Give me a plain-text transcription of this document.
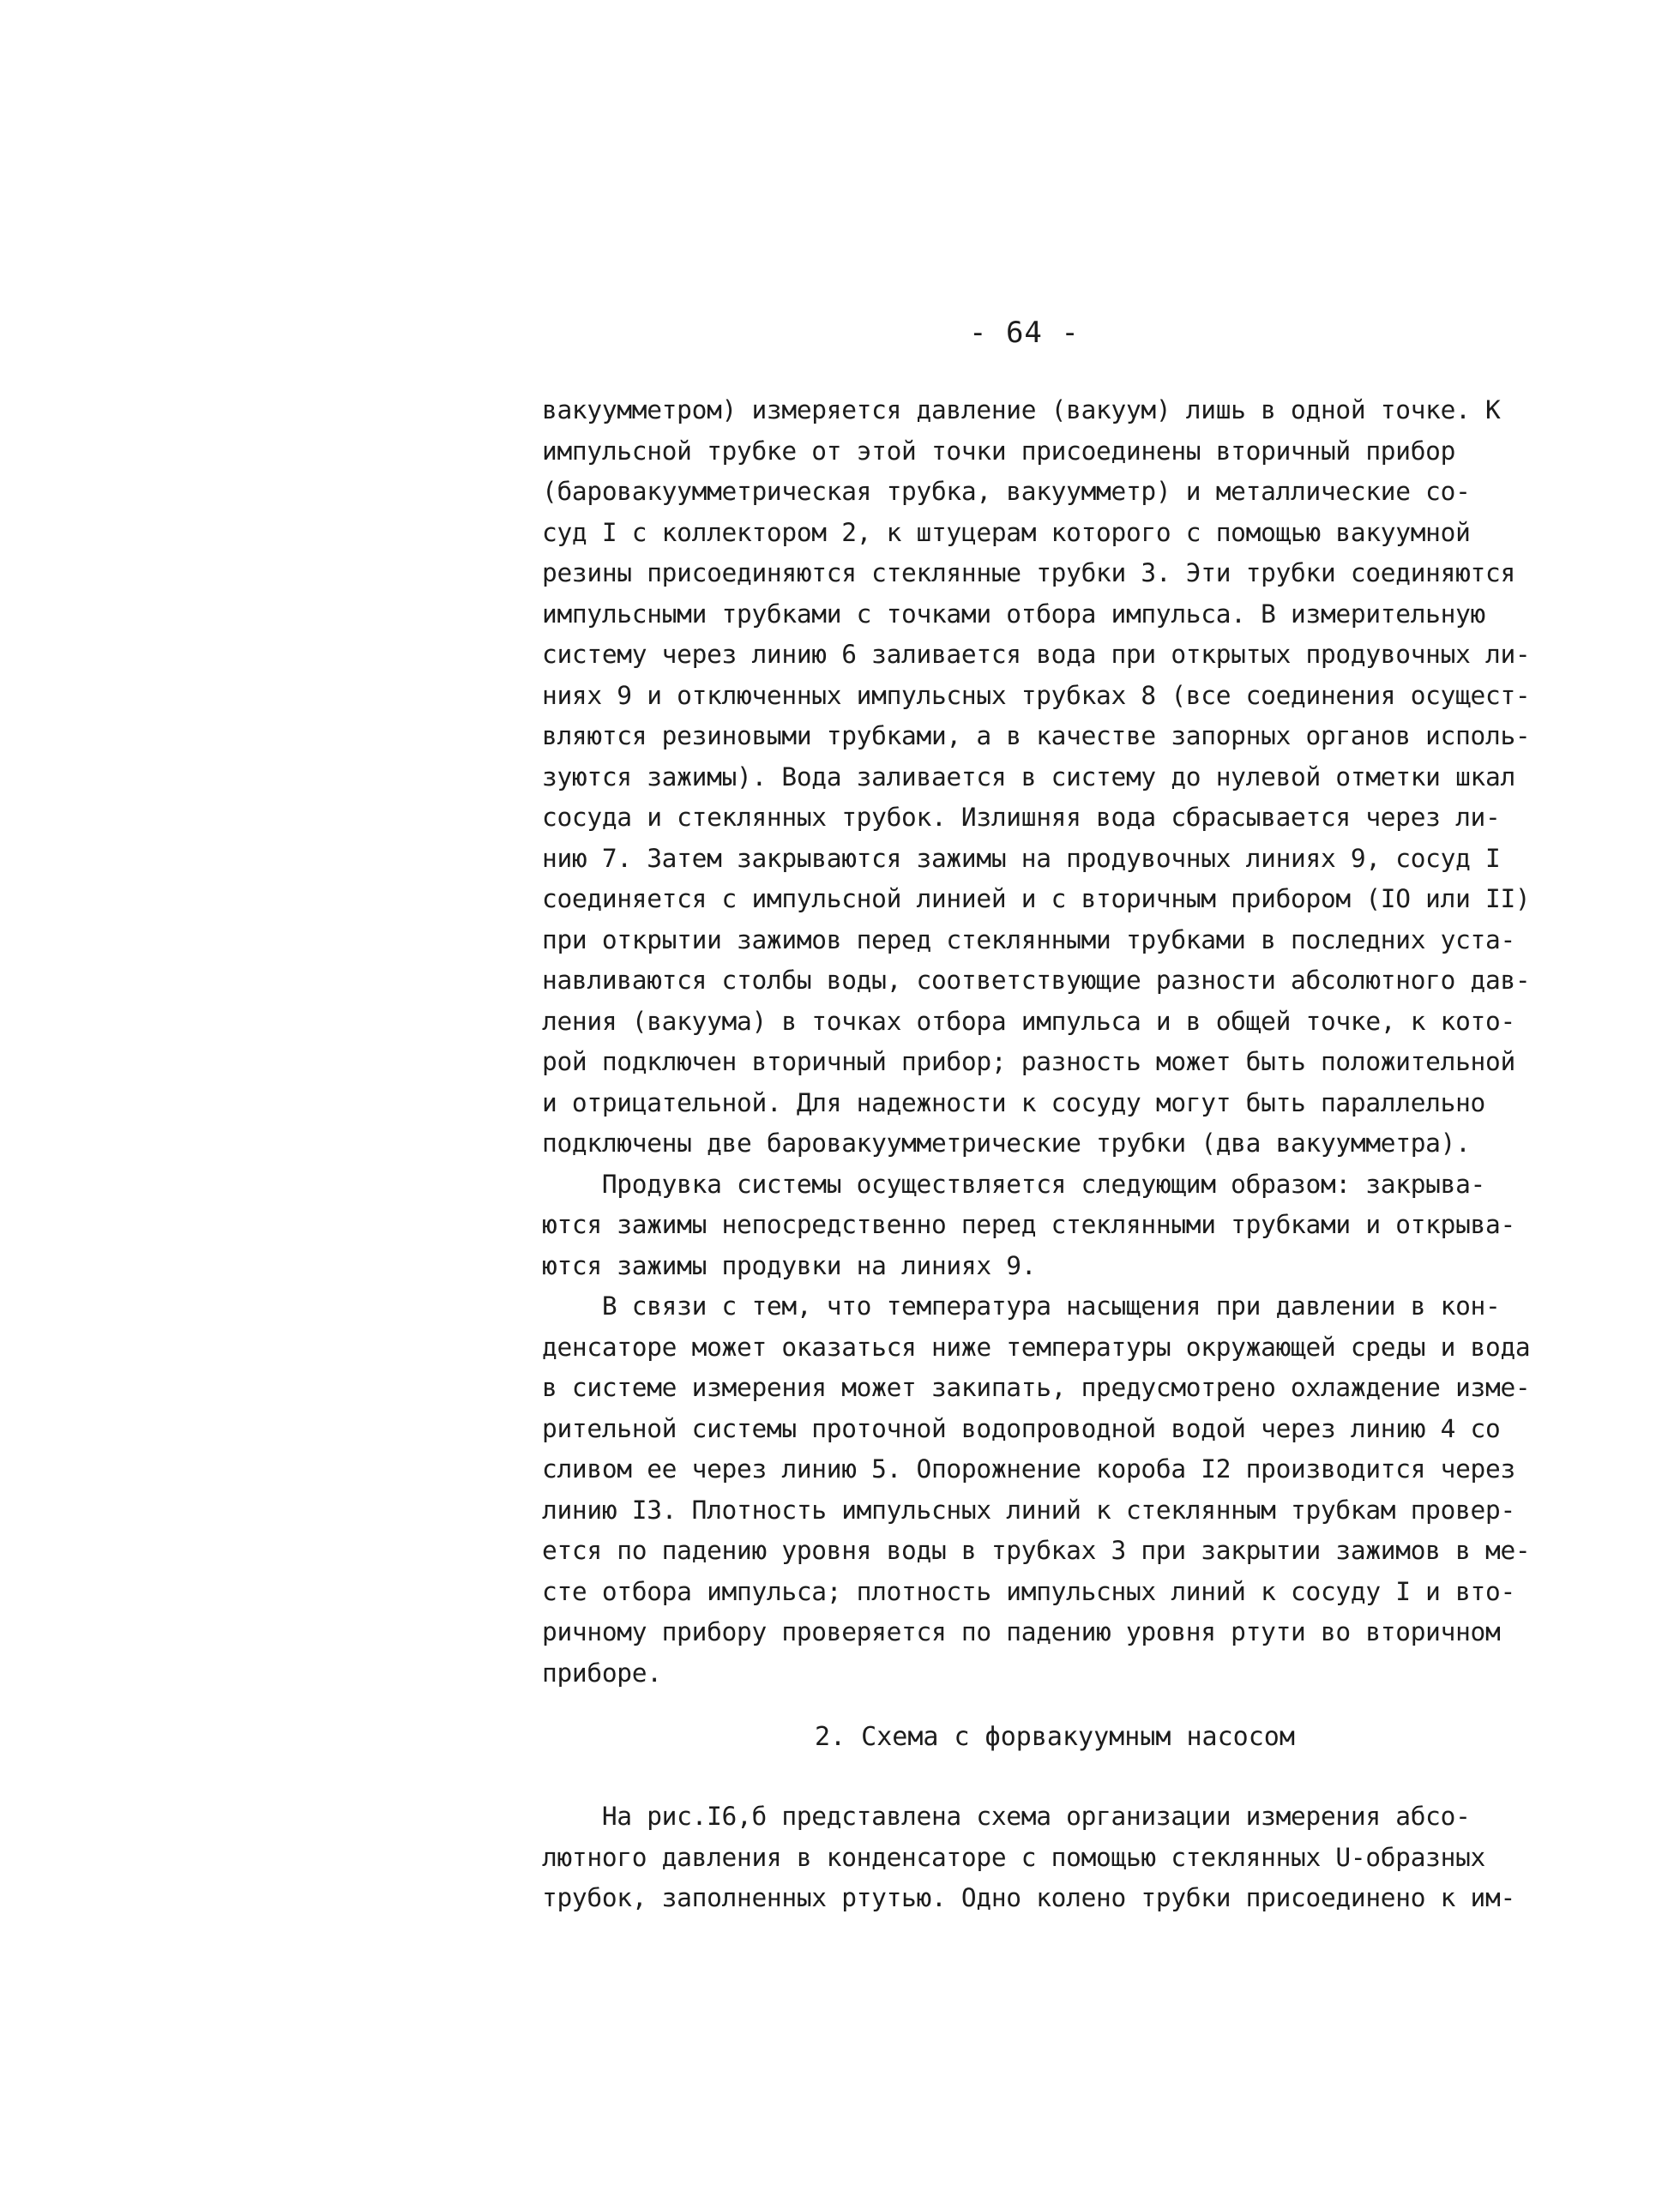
- 64 -
вакуумметром) измеряется давление (вакуум) лишь в одной точке. К
импульсной трубке от этой точки присоединены вторичный прибор
(баровакуумметрическая трубка, вакуумметр) и металлические со-
суд I с коллектором 2, к штуцерам которого с помощью вакуумной
резины присоединяются стеклянные трубки 3. Эти трубки соединяются
импульсными трубками с точками отбора импульса. В измерительную
систему через линию 6 заливается вода при открытых продувочных ли-
ниях 9 и отключенных импульсных трубках 8 (все соединения осущест-
вляются резиновыми трубками, а в качестве запорных органов исполь-
зуются зажимы). Вода заливается в систему до нулевой отметки шкал
сосуда и стеклянных трубок. Излишняя вода сбрасывается через ли-
нию 7. Затем закрываются зажимы на продувочных линиях 9, сосуд I
соединяется с импульсной линией и с вторичным прибором (IO или II)
при открытии зажимов перед стеклянными трубками в последних уста-
навливаются столбы воды, соответствующие разности абсолютного дав-
ления (вакуума) в точках отбора импульса и в общей точке, к кото-
рой подключен вторичный прибор; разность может быть положительной
и отрицательной. Для надежности к сосуду могут быть параллельно
подключены две баровакуумметрические трубки (два вакуумметра).
Продувка системы осуществляется следующим образом: закрыва-
ются зажимы непосредственно перед стеклянными трубками и открыва-
ются зажимы продувки на линиях 9.
В связи с тем, что температура насыщения при давлении в кон-
денсаторе может оказаться ниже температуры окружающей среды и вода
в системе измерения может закипать, предусмотрено охлаждение изме-
рительной системы проточной водопроводной водой через линию 4 со
сливом ее через линию 5. Опорожнение короба I2 производится через
линию I3. Плотность импульсных линий к стеклянным трубкам провер-
ется по падению уровня воды в трубках 3 при закрытии зажимов в ме-
сте отбора импульса; плотность импульсных линий к сосуду I и вто-
ричному прибору проверяется по падению уровня ртути во вторичном
приборе.
2. Схема с форвакуумным насосом
На рис.I6,б представлена схема организации измерения абсо-
лютного давления в конденсаторе с помощью стеклянных U-образных
трубок, заполненных ртутью. Одно колено трубки присоединено к им-
